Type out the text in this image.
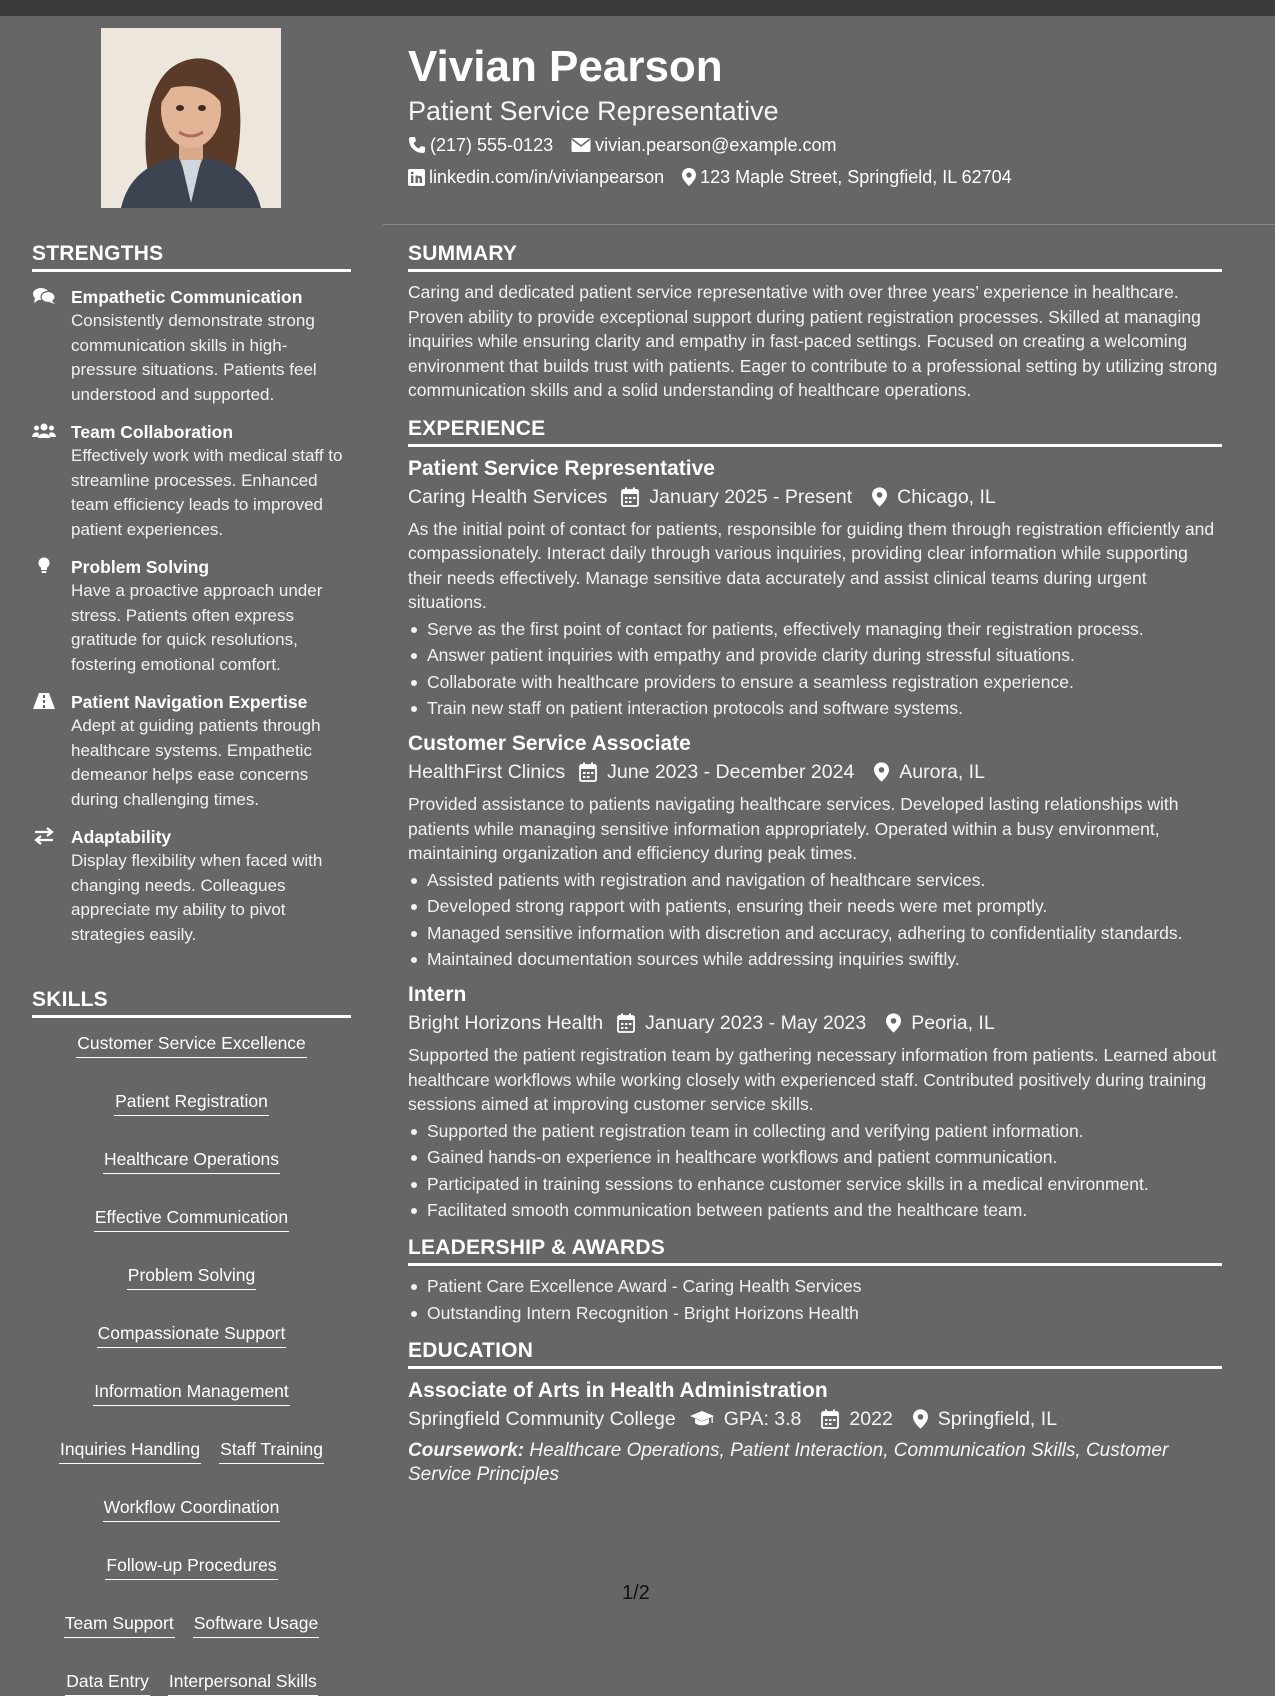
STRENGTHS
Empathetic Communication
Consistently demonstrate strong communication skills in high-pressure situations. Patients feel understood and supported.
Team Collaboration
Effectively work with medical staff to streamline processes. Enhanced team efficiency leads to improved patient experiences.
Problem Solving
Have a proactive approach under stress. Patients often express gratitude for quick resolutions, fostering emotional comfort.
Patient Navigation Expertise
Adept at guiding patients through healthcare systems. Empathetic demeanor helps ease concerns during challenging times.
Adaptability
Display flexibility when faced with changing needs. Colleagues appreciate my ability to pivot strategies easily.
SKILLS
Customer Service Excellence
Patient Registration
Healthcare Operations
Effective Communication
Problem Solving
Compassionate Support
Information Management
Inquiries Handling Staff Training
Workflow Coordination
Follow-up Procedures
Team Support Software Usage
Data Entry Interpersonal Skills
Vivian Pearson
Patient Service Representative
(217) 555-0123 vivian.pearson@example.com
linkedin.com/in/vivianpearson 123 Maple Street, Springfield, IL 62704
SUMMARY
Caring and dedicated patient service representative with over three years’ experience in healthcare. Proven ability to provide exceptional support during patient registration processes. Skilled at managing inquiries while ensuring clarity and empathy in fast-paced settings. Focused on creating a welcoming environment that builds trust with patients. Eager to contribute to a professional setting by utilizing strong communication skills and a solid understanding of healthcare operations.
EXPERIENCE
Patient Service Representative
Caring Health Services January 2025 - Present Chicago, IL
As the initial point of contact for patients, responsible for guiding them through registration efficiently and compassionately. Interact daily through various inquiries, providing clear information while supporting their needs effectively. Manage sensitive data accurately and assist clinical teams during urgent situations.
Serve as the first point of contact for patients, effectively managing their registration process.
Answer patient inquiries with empathy and provide clarity during stressful situations.
Collaborate with healthcare providers to ensure a seamless registration experience.
Train new staff on patient interaction protocols and software systems.
Customer Service Associate
HealthFirst Clinics June 2023 - December 2024 Aurora, IL
Provided assistance to patients navigating healthcare services. Developed lasting relationships with patients while managing sensitive information appropriately. Operated within a busy environment, maintaining organization and efficiency during peak times.
Assisted patients with registration and navigation of healthcare services.
Developed strong rapport with patients, ensuring their needs were met promptly.
Managed sensitive information with discretion and accuracy, adhering to confidentiality standards.
Maintained documentation sources while addressing inquiries swiftly.
Intern
Bright Horizons Health January 2023 - May 2023 Peoria, IL
Supported the patient registration team by gathering necessary information from patients. Learned about healthcare workflows while working closely with experienced staff. Contributed positively during training sessions aimed at improving customer service skills.
Supported the patient registration team in collecting and verifying patient information.
Gained hands-on experience in healthcare workflows and patient communication.
Participated in training sessions to enhance customer service skills in a medical environment.
Facilitated smooth communication between patients and the healthcare team.
LEADERSHIP & AWARDS
Patient Care Excellence Award - Caring Health Services
Outstanding Intern Recognition - Bright Horizons Health
EDUCATION
Associate of Arts in Health Administration
Springfield Community College GPA: 3.8 2022 Springfield, IL
Coursework: Healthcare Operations, Patient Interaction, Communication Skills, Customer Service Principles
1/2
